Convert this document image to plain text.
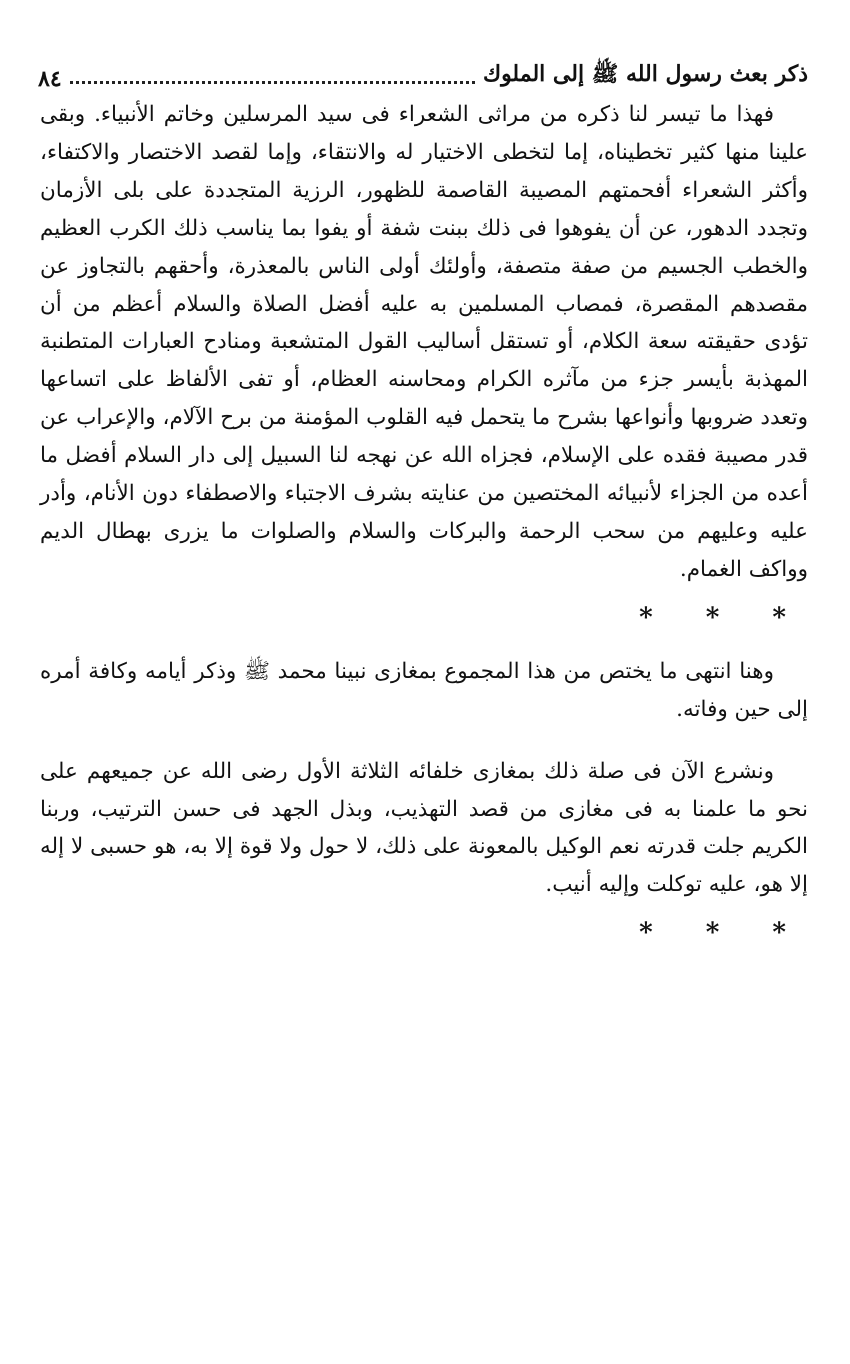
ذكر بعث رسول الله ﷺ إلى الملوك
٨٤

فهذا ما تيسر لنا ذكره من مراثى الشعراء فى سيد المرسلين وخاتم الأنبياء. وبقى علينا منها كثير تخطيناه، إما لتخطى الاختيار له والانتقاء، وإما لقصد الاختصار والاكتفاء، وأكثر الشعراء أفحمتهم المصيبة القاصمة للظهور، الرزية المتجددة على بلى الأزمان وتجدد الدهور، عن أن يفوهوا فى ذلك ببنت شفة أو يفوا بما يناسب ذلك الكرب العظيم والخطب الجسيم من صفة متصفة، وأولئك أولى الناس بالمعذرة، وأحقهم بالتجاوز عن مقصدهم المقصرة، فمصاب المسلمين به عليه أفضل الصلاة والسلام أعظم من أن تؤدى حقيقته سعة الكلام، أو تستقل أساليب القول المتشعبة ومنادح العبارات المتطنبة المهذبة بأيسر جزء من مآثره الكرام ومحاسنه العظام، أو تفى الألفاظ على اتساعها وتعدد ضروبها وأنواعها بشرح ما يتحمل فيه القلوب المؤمنة من برح الآلام، والإعراب عن قدر مصيبة فقده على الإسلام، فجزاه الله عن نهجه لنا السبيل إلى دار السلام أفضل ما أعده من الجزاء لأنبيائه المختصين من عنايته بشرف الاجتباء والاصطفاء دون الأنام، وأدر عليه وعليهم من سحب الرحمة والبركات والسلام والصلوات ما يزرى بهطال الديم وواكف الغمام.

* * *

وهنا انتهى ما يختص من هذا المجموع بمغازى نبينا محمد ﷺ وذكر أيامه وكافة أمره إلى حين وفاته.

ونشرع الآن فى صلة ذلك بمغازى خلفائه الثلاثة الأول رضى الله عن جميعهم على نحو ما علمنا به فى مغازى من قصد التهذيب، وبذل الجهد فى حسن الترتيب، وربنا الكريم جلت قدرته نعم الوكيل بالمعونة على ذلك، لا حول ولا قوة إلا به، هو حسبى لا إله إلا هو، عليه توكلت وإليه أنيب.

* * *
